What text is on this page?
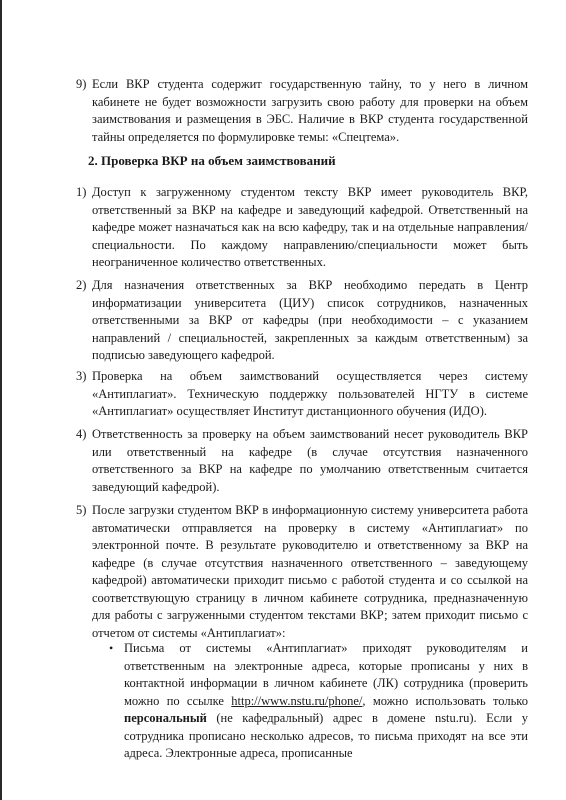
9) Если ВКР студента содержит государственную тайну, то у него в личном кабинете не будет возможности загрузить свою работу для проверки на объем заимствования и размещения в ЭБС. Наличие в ВКР студента государственной тайны определяется по формулировке темы: «Спецтема».
2. Проверка ВКР на объем заимствований
1) Доступ к загруженному студентом тексту ВКР имеет руководитель ВКР, ответственный за ВКР на кафедре и заведующий кафедрой. Ответственный на кафедре может назначаться как на всю кафедру, так и на отдельные направления/специальности. По каждому направлению/специальности может быть неограниченное количество ответственных.
2) Для назначения ответственных за ВКР необходимо передать в Центр информатизации университета (ЦИУ) список сотрудников, назначенных ответственными за ВКР от кафедры (при необходимости – с указанием направлений / специальностей, закрепленных за каждым ответственным) за подписью заведующего кафедрой.
3) Проверка на объем заимствований осуществляется через систему «Антиплагиат». Техническую поддержку пользователей НГТУ в системе «Антиплагиат» осуществляет Институт дистанционного обучения (ИДО).
4) Ответственность за проверку на объем заимствований несет руководитель ВКР или ответственный на кафедре (в случае отсутствия назначенного ответственного за ВКР на кафедре по умолчанию ответственным считается заведующий кафедрой).
5) После загрузки студентом ВКР в информационную систему университета работа автоматически отправляется на проверку в систему «Антиплагиат» по электронной почте. В результате руководителю и ответственному за ВКР на кафедре (в случае отсутствия назначенного ответственного – заведующему кафедрой) автоматически приходит письмо с работой студента и со ссылкой на соответствующую страницу в личном кабинете сотрудника, предназначенную для работы с загруженными студентом текстами ВКР; затем приходит письмо с отчетом от системы «Антиплагиат»:
• Письма от системы «Антиплагиат» приходят руководителям и ответственным на электронные адреса, которые прописаны у них в контактной информации в личном кабинете (ЛК) сотрудника (проверить можно по ссылке http://www.nstu.ru/phone/, можно использовать только персональный (не кафедральный) адрес в домене nstu.ru). Если у сотрудника прописано несколько адресов, то письма приходят на все эти адреса. Электронные адреса, прописанные
